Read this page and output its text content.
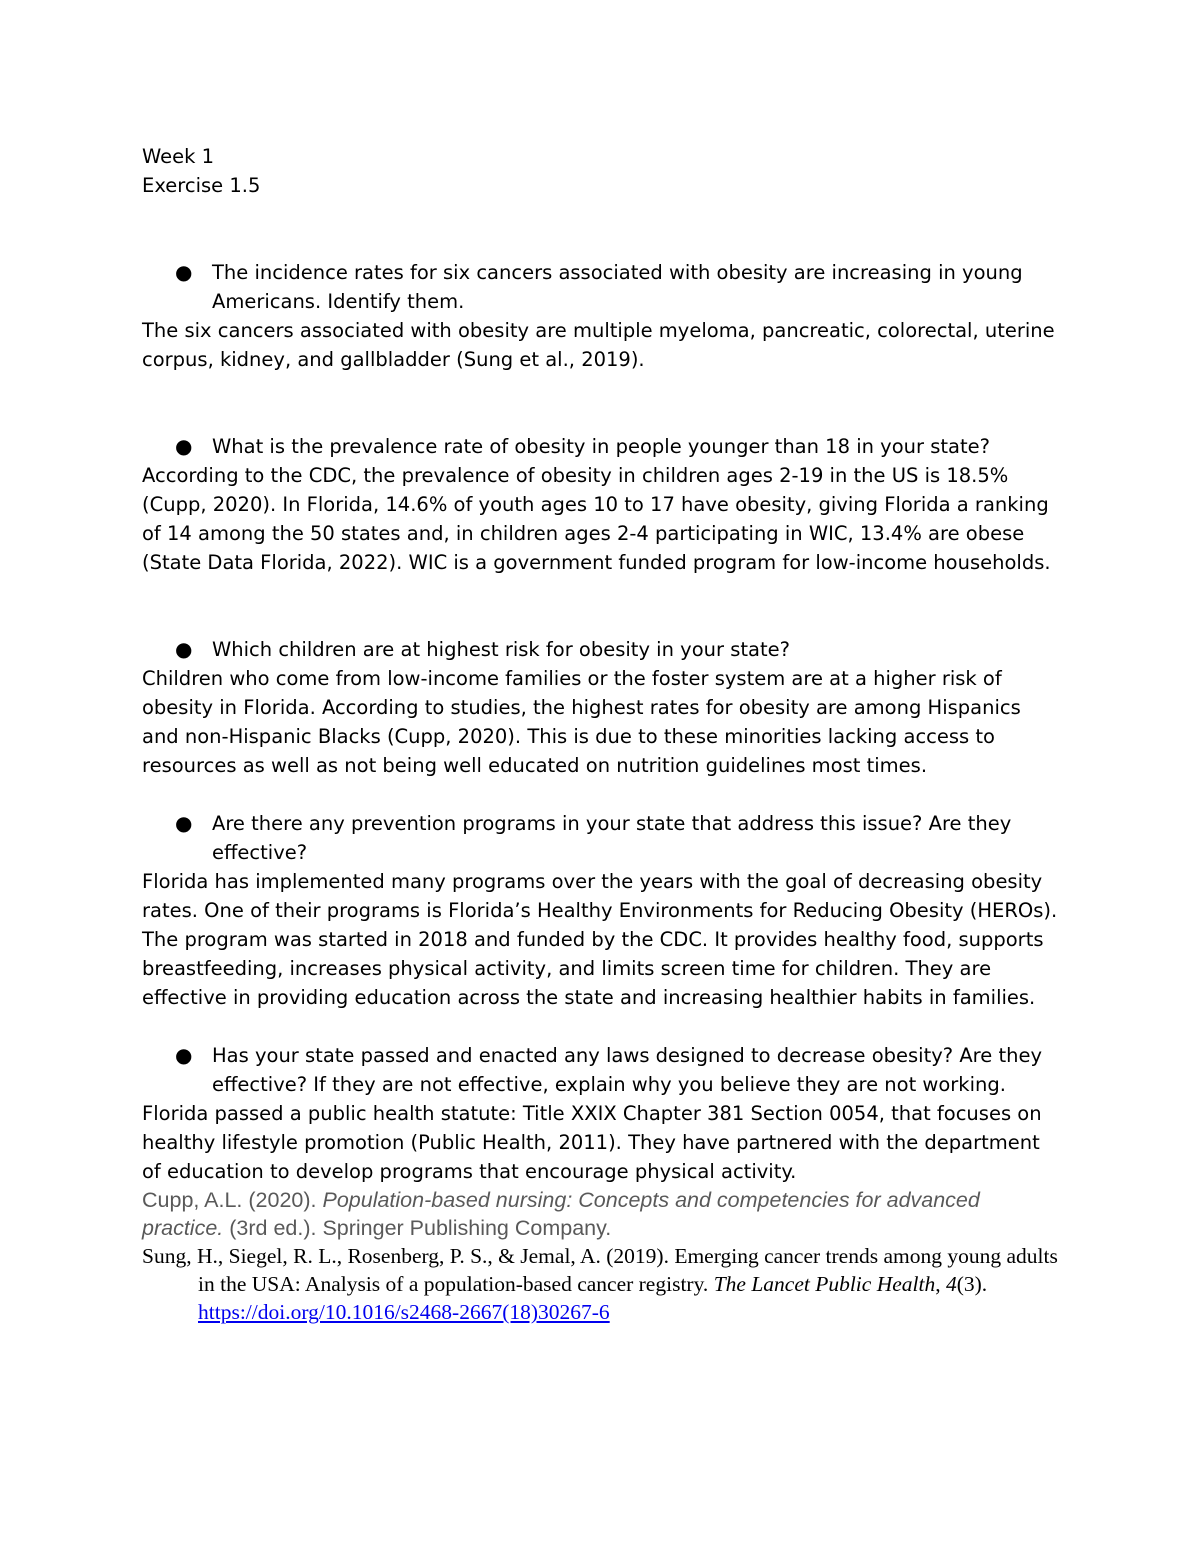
Week 1

Exercise 1.5

● The incidence rates for six cancers associated with obesity are increasing in young Americans. Identify them.

The six cancers associated with obesity are multiple myeloma, pancreatic, colorectal, uterine corpus, kidney, and gallbladder (Sung et al., 2019).

● What is the prevalence rate of obesity in people younger than 18 in your state?

According to the CDC, the prevalence of obesity in children ages 2-19 in the US is 18.5% (Cupp, 2020). In Florida, 14.6% of youth ages 10 to 17 have obesity, giving Florida a ranking of 14 among the 50 states and, in children ages 2-4 participating in WIC, 13.4% are obese (State Data Florida, 2022). WIC is a government funded program for low-income households.

● Which children are at highest risk for obesity in your state?

Children who come from low-income families or the foster system are at a higher risk of obesity in Florida. According to studies, the highest rates for obesity are among Hispanics and non-Hispanic Blacks (Cupp, 2020). This is due to these minorities lacking access to resources as well as not being well educated on nutrition guidelines most times.

● Are there any prevention programs in your state that address this issue? Are they effective?

Florida has implemented many programs over the years with the goal of decreasing obesity rates. One of their programs is Florida’s Healthy Environments for Reducing Obesity (HEROs). The program was started in 2018 and funded by the CDC. It provides healthy food, supports breastfeeding, increases physical activity, and limits screen time for children. They are effective in providing education across the state and increasing healthier habits in families.

● Has your state passed and enacted any laws designed to decrease obesity? Are they effective? If they are not effective, explain why you believe they are not working.

Florida passed a public health statute: Title XXIX Chapter 381 Section 0054, that focuses on healthy lifestyle promotion (Public Health, 2011). They have partnered with the department of education to develop programs that encourage physical activity.

Cupp, A.L. (2020). Population-based nursing: Concepts and competencies for advanced practice. (3rd ed.). Springer Publishing Company.

Sung, H., Siegel, R. L., Rosenberg, P. S., & Jemal, A. (2019). Emerging cancer trends among young adults in the USA: Analysis of a population-based cancer registry. The Lancet Public Health, 4(3). https://doi.org/10.1016/s2468-2667(18)30267-6
